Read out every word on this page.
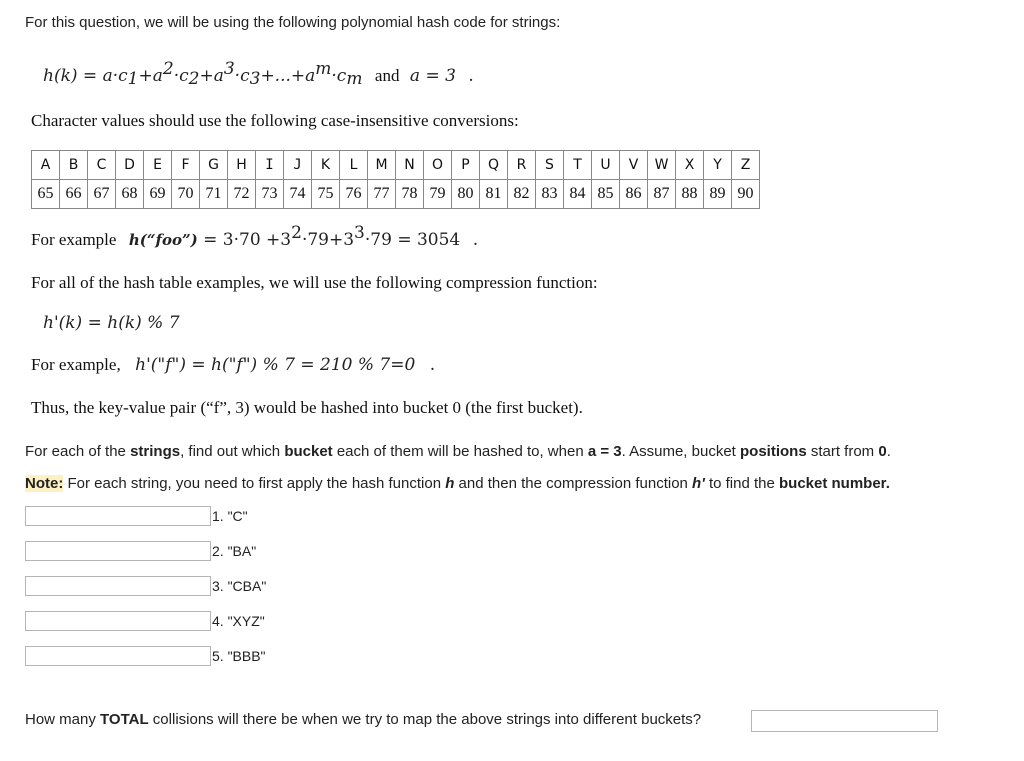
For this question, we will be using the following polynomial hash code for strings:
$h(k) = a\cdot c_1+a^2\cdot c_2+a^3\cdot c_3+...+a^m\cdot c_m$ and a = 3 .
Character values should use the following case-insensitive conversions:
A	B	C	D	E	F	G	H	I	J	K	L	M	N	O	P	Q	R	S	T	U	V	W	X	Y	Z
65	66	67	68	69	70	71	72	73	74	75	76	77	78	79	80	81	82	83	84	85	86	87	88	89	90
For example h(“foo”) = $3\cdot 70 +3^2\cdot 79+3^3\cdot 79 = 3054$ .
For all of the hash table examples, we will use the following compression function:
h'(k) = h(k) % 7
For example, h'("f") = h("f") % 7 = 210 % 7=0 .
Thus, the key-value pair (“f”, 3) would be hashed into bucket 0 (the first bucket).
For each of the strings, find out which bucket each of them will be hashed to, when a = 3. Assume, bucket positions start from 0.
Note: For each string, you need to first apply the hash function h and then the compression function h' to find the bucket number.
1. "C"
2. "BA"
3. "CBA"
4. "XYZ"
5. "BBB"
How many TOTAL collisions will there be when we try to map the above strings into different buckets?
